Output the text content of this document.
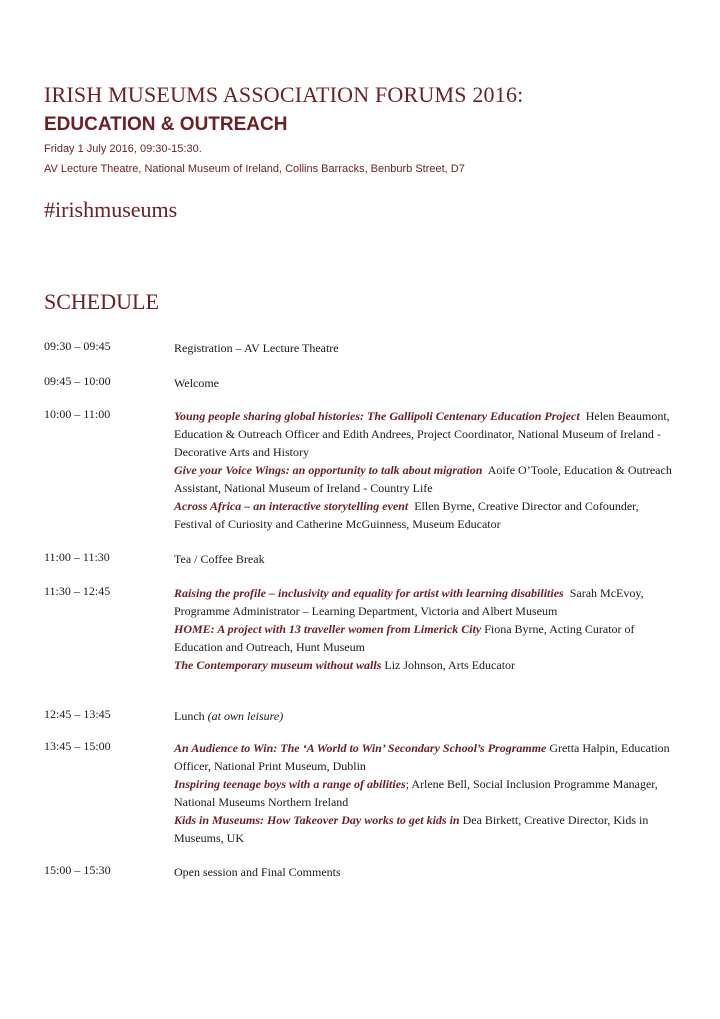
IRISH MUSEUMS ASSOCIATION FORUMS 2016:
EDUCATION & OUTREACH
Friday 1 July 2016, 09:30-15:30.
AV Lecture Theatre, National Museum of Ireland, Collins Barracks, Benburb Street, D7
#irishmuseums
SCHEDULE
09:30 – 09:45	Registration – AV Lecture Theatre
09:45 – 10:00	Welcome
10:00 – 11:00	Young people sharing global histories: The Gallipoli Centenary Education Project Helen Beaumont, Education & Outreach Officer and Edith Andrees, Project Coordinator, National Museum of Ireland - Decorative Arts and History
Give your Voice Wings: an opportunity to talk about migration Aoife O’Toole, Education & Outreach Assistant, National Museum of Ireland - Country Life
Across Africa – an interactive storytelling event Ellen Byrne, Creative Director and Cofounder, Festival of Curiosity and Catherine McGuinness, Museum Educator
11:00 – 11:30	Tea / Coffee Break
11:30 – 12:45	Raising the profile – inclusivity and equality for artist with learning disabilities Sarah McEvoy, Programme Administrator – Learning Department, Victoria and Albert Museum
HOME: A project with 13 traveller women from Limerick City Fiona Byrne, Acting Curator of Education and Outreach, Hunt Museum
The Contemporary museum without walls Liz Johnson, Arts Educator
12:45 – 13:45	Lunch (at own leisure)
13:45 – 15:00	An Audience to Win: The ‘A World to Win’ Secondary School’s Programme Gretta Halpin, Education Officer, National Print Museum, Dublin
Inspiring teenage boys with a range of abilities; Arlene Bell, Social Inclusion Programme Manager, National Museums Northern Ireland
Kids in Museums: How Takeover Day works to get kids in Dea Birkett, Creative Director, Kids in Museums, UK
15:00 – 15:30	Open session and Final Comments
